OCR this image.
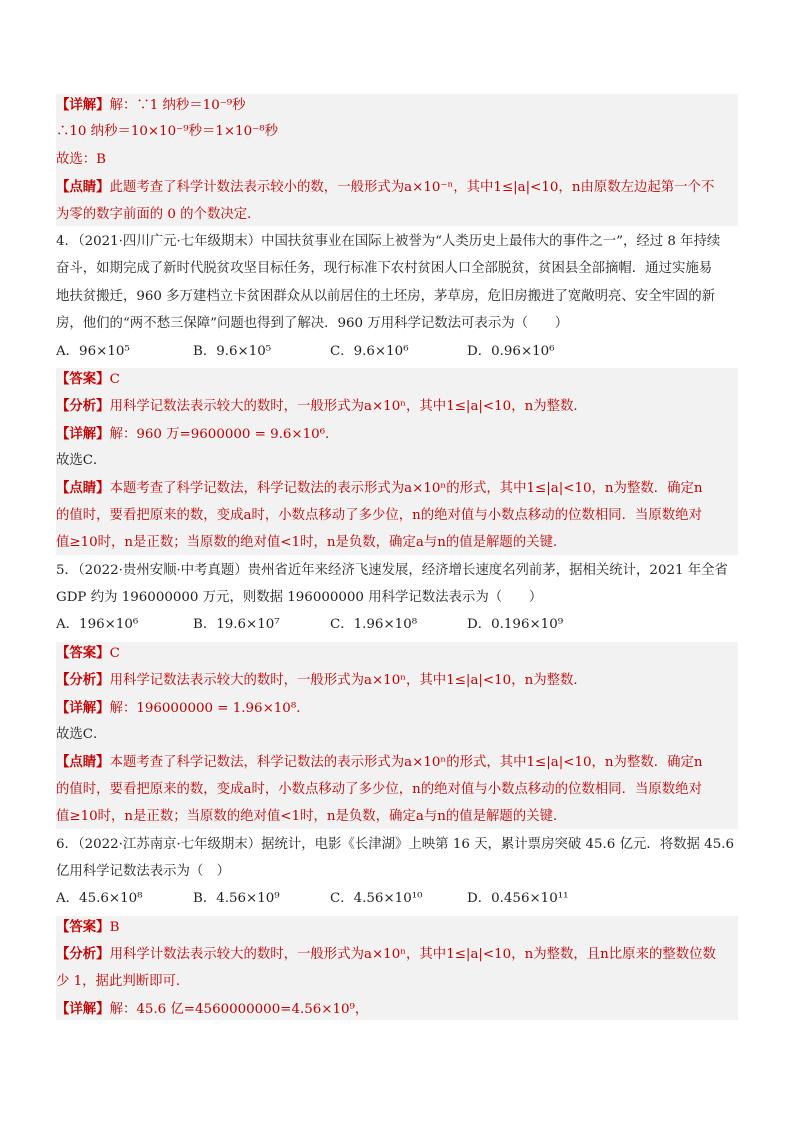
【详解】解：∵1 纳秒＝10⁻⁹秒
∴10 纳秒＝10×10⁻⁹秒＝1×10⁻⁸秒
故选：B
【点睛】此题考查了科学计数法表示较小的数，一般形式为a×10⁻ⁿ，其中1≤|a|<10，n由原数左边起第一个不
为零的数字前面的 0 的个数决定．
4．（2021·四川广元·七年级期末）中国扶贫事业在国际上被誉为“人类历史上最伟大的事件之一”，经过 8 年持续
奋斗，如期完成了新时代脱贫攻坚目标任务，现行标准下农村贫困人口全部脱贫，贫困县全部摘帽．通过实施易
地扶贫搬迁，960 多万建档立卡贫困群众从以前居住的土坯房，茅草房，危旧房搬进了宽敞明亮、安全牢固的新
房，他们的“两不愁三保障”问题也得到了解决．960 万用科学记数法可表示为（　　）
A．96×10⁵	B．9.6×10⁵	C．9.6×10⁶	D．0.96×10⁶
【答案】C
【分析】用科学记数法表示较大的数时，一般形式为a×10ⁿ，其中1≤|a|<10，n为整数．
【详解】解：960 万=9600000 = 9.6×10⁶．
故选C．
【点睛】本题考查了科学记数法，科学记数法的表示形式为a×10ⁿ的形式，其中1≤|a|<10，n为整数．确定n
的值时，要看把原来的数，变成a时，小数点移动了多少位，n的绝对值与小数点移动的位数相同．当原数绝对
值≥10时，n是正数；当原数的绝对值<1时，n是负数，确定a与n的值是解题的关键．
5．（2022·贵州安顺·中考真题）贵州省近年来经济飞速发展，经济增长速度名列前茅，据相关统计，2021 年全省
GDP 约为 196000000 万元，则数据 196000000 用科学记数法表示为（　　）
A．196×10⁶	B．19.6×10⁷	C．1.96×10⁸	D．0.196×10⁹
【答案】C
【分析】用科学记数法表示较大的数时，一般形式为a×10ⁿ，其中1≤|a|<10，n为整数．
【详解】解：196000000 = 1.96×10⁸．
故选C．
【点睛】本题考查了科学记数法，科学记数法的表示形式为a×10ⁿ的形式，其中1≤|a|<10，n为整数．确定n
的值时，要看把原来的数，变成a时，小数点移动了多少位，n的绝对值与小数点移动的位数相同．当原数绝对
值≥10时，n是正数；当原数的绝对值<1时，n是负数，确定a与n的值是解题的关键．
6．（2022·江苏南京·七年级期末）据统计，电影《长津湖》上映第 16 天，累计票房突破 45.6 亿元．将数据 45.6
亿用科学记数法表示为（　）
A．45.6×10⁸	B．4.56×10⁹	C．4.56×10¹⁰	D．0.456×10¹¹
【答案】B
【分析】用科学计数法表示较大的数时，一般形式为a×10ⁿ，其中1≤|a|<10，n为整数，且n比原来的整数位数
少 1，据此判断即可．
【详解】解：45.6 亿=4560000000=4.56×10⁹，
